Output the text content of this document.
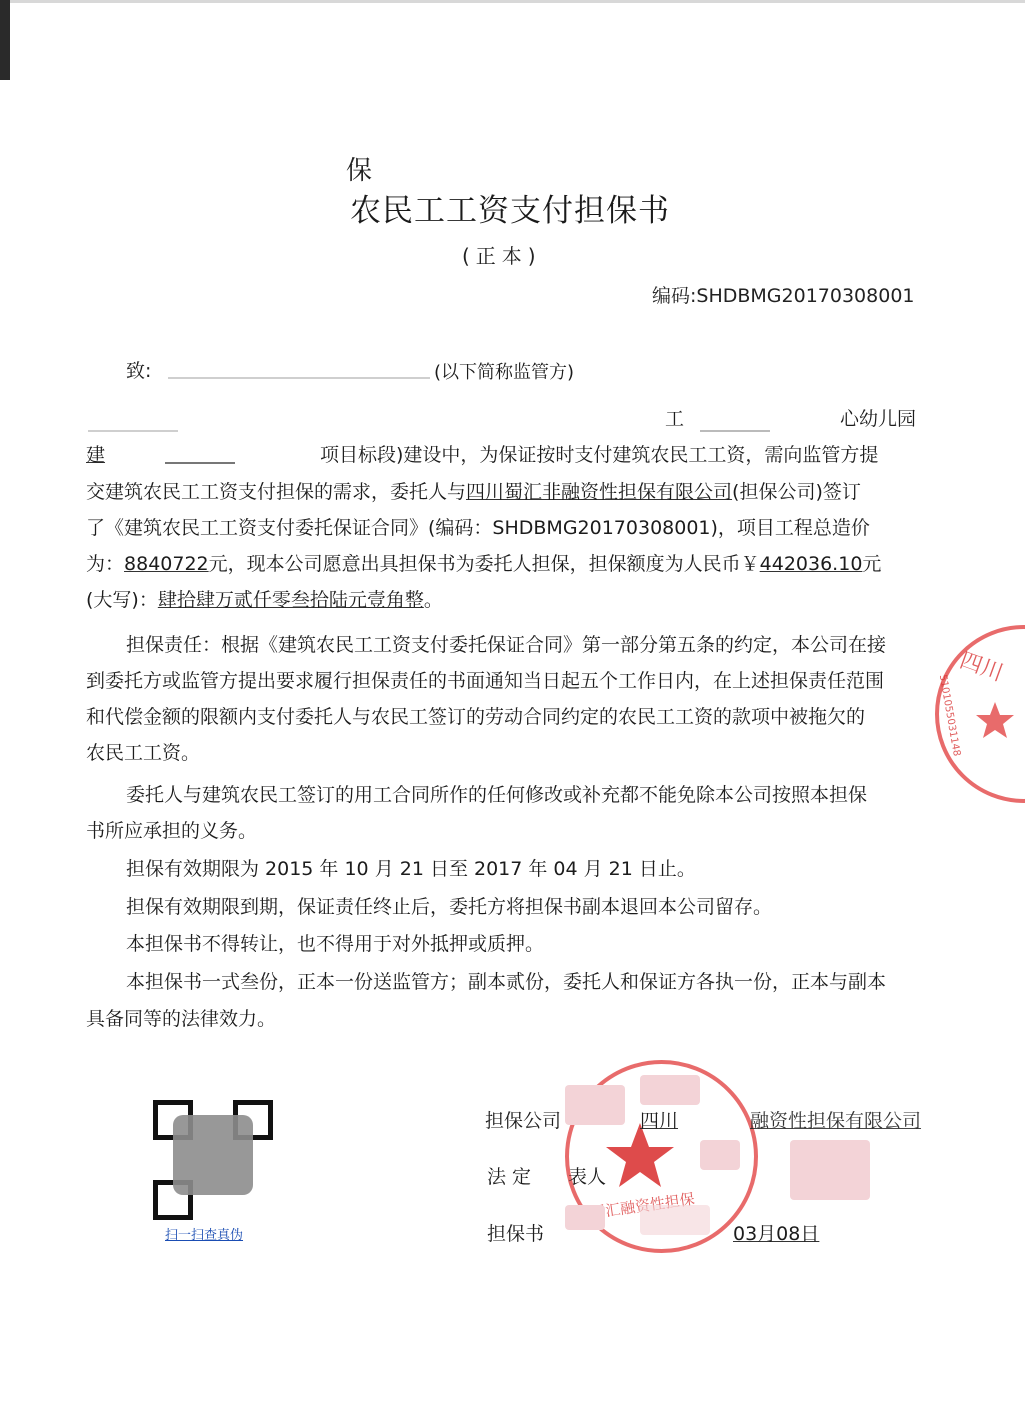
保
农民工工资支付担保书
(正本)
编码:SHDBMG20170308001
致:	(以下简称监管方)
工	心幼儿园
建	项目标段)建设中，为保证按时支付建筑农民工工资，需向监管方提
交建筑农民工工资支付担保的需求，委托人与四川蜀汇非融资性担保有限公司(担保公司)签订
了《建筑农民工工资支付委托保证合同》(编码：SHDBMG20170308001)，项目工程总造价
为：8840722元，现本公司愿意出具担保书为委托人担保，担保额度为人民币￥442036.10元
(大写)：肆拾肆万贰仟零叁拾陆元壹角整。
担保责任：根据《建筑农民工工资支付委托保证合同》第一部分第五条的约定，本公司在接
到委托方或监管方提出要求履行担保责任的书面通知当日起五个工作日内，在上述担保责任范围
和代偿金额的限额内支付委托人与农民工签订的劳动合同约定的农民工工资的款项中被拖欠的
农民工工资。
委托人与建筑农民工签订的用工合同所作的任何修改或补充都不能免除本公司按照本担保
书所应承担的义务。
担保有效期限为 2015 年 10 月 21 日至 2017 年 04 月 21 日止。
担保有效期限到期，保证责任终止后，委托方将担保书副本退回本公司留存。
本担保书不得转让，也不得用于对外抵押或质押。
本担保书一式叁份，正本一份送监管方；副本贰份，委托人和保证方各执一份，正本与副本
具备同等的法律效力。
四川
5101055031148
扫一扫查真伪
担保公司	四川	融资性担保有限公司
法定 表人
担保书	03月08日
